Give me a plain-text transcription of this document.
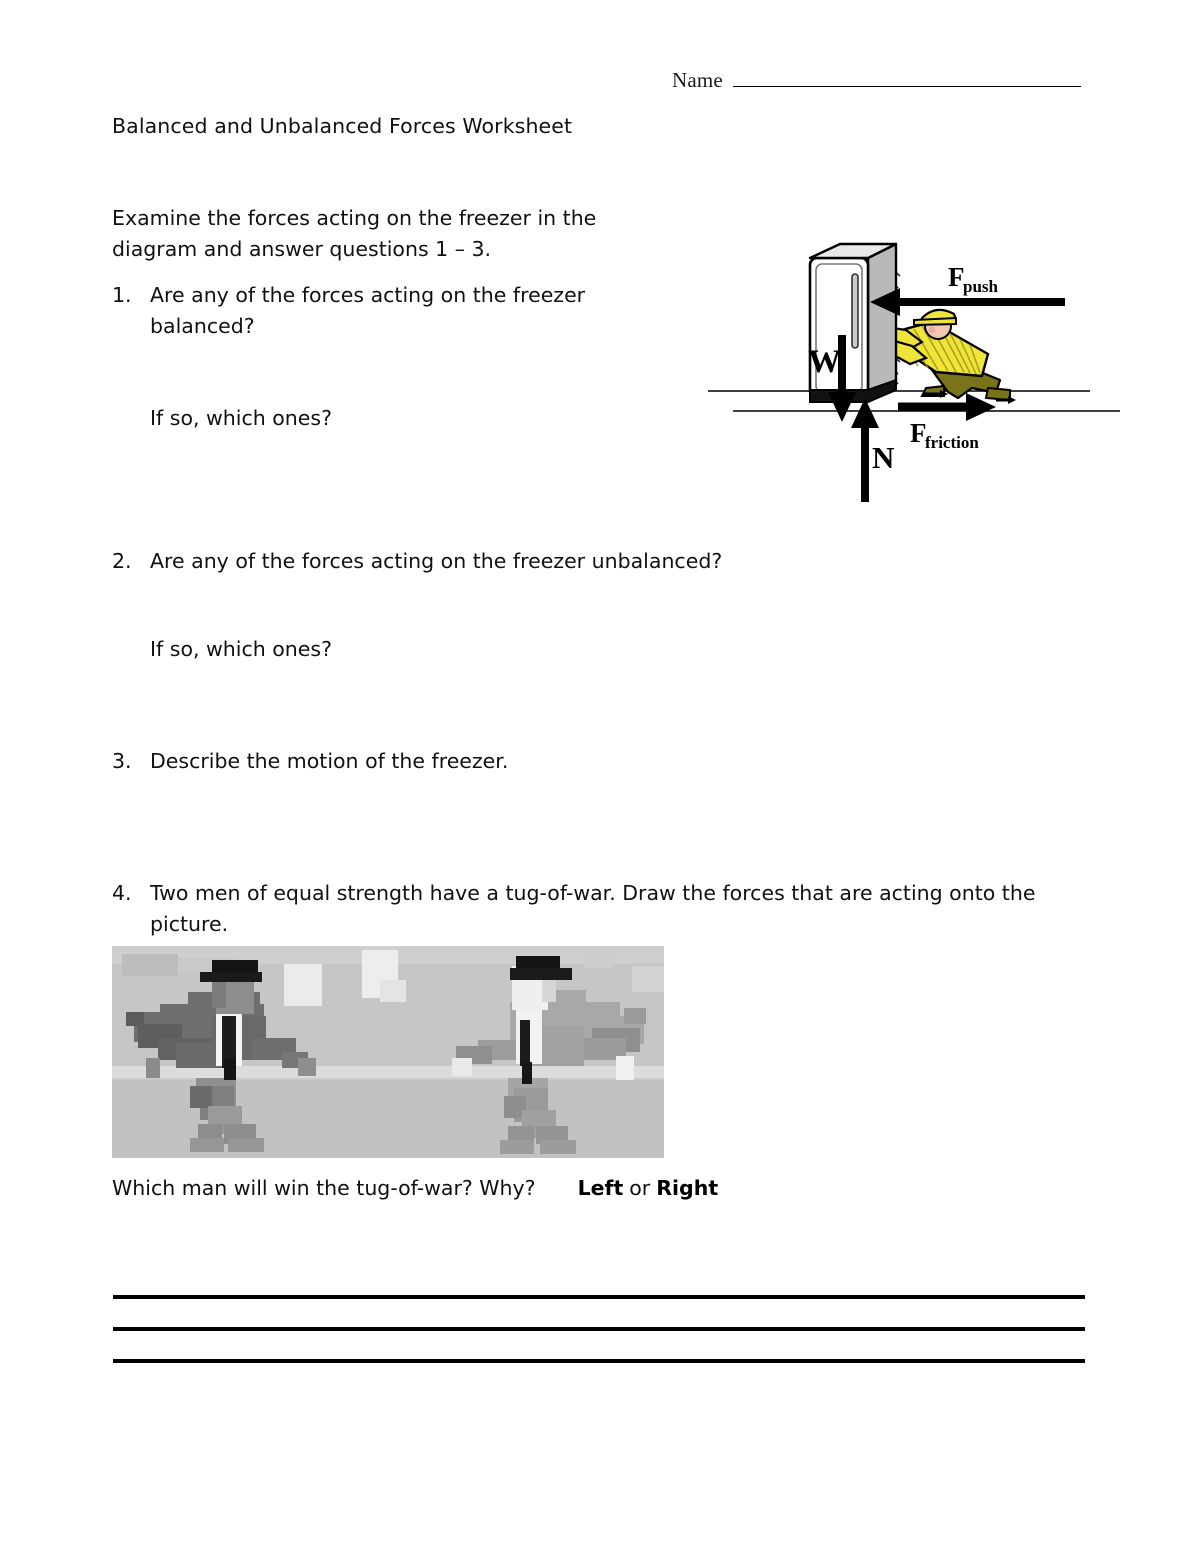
Name
Balanced and Unbalanced Forces Worksheet
Examine the forces acting on the freezer in the diagram and answer questions 1 – 3.
1. Are any of the forces acting on the freezer balanced?
If so, which ones?
2. Are any of the forces acting on the freezer unbalanced?
If so, which ones?
3. Describe the motion of the freezer.
4. Two men of equal strength have a tug-of-war. Draw the forces that are acting onto the picture.
F
push
F
friction
W
N
Which man will win the tug-of-war? Why? Left or Right
